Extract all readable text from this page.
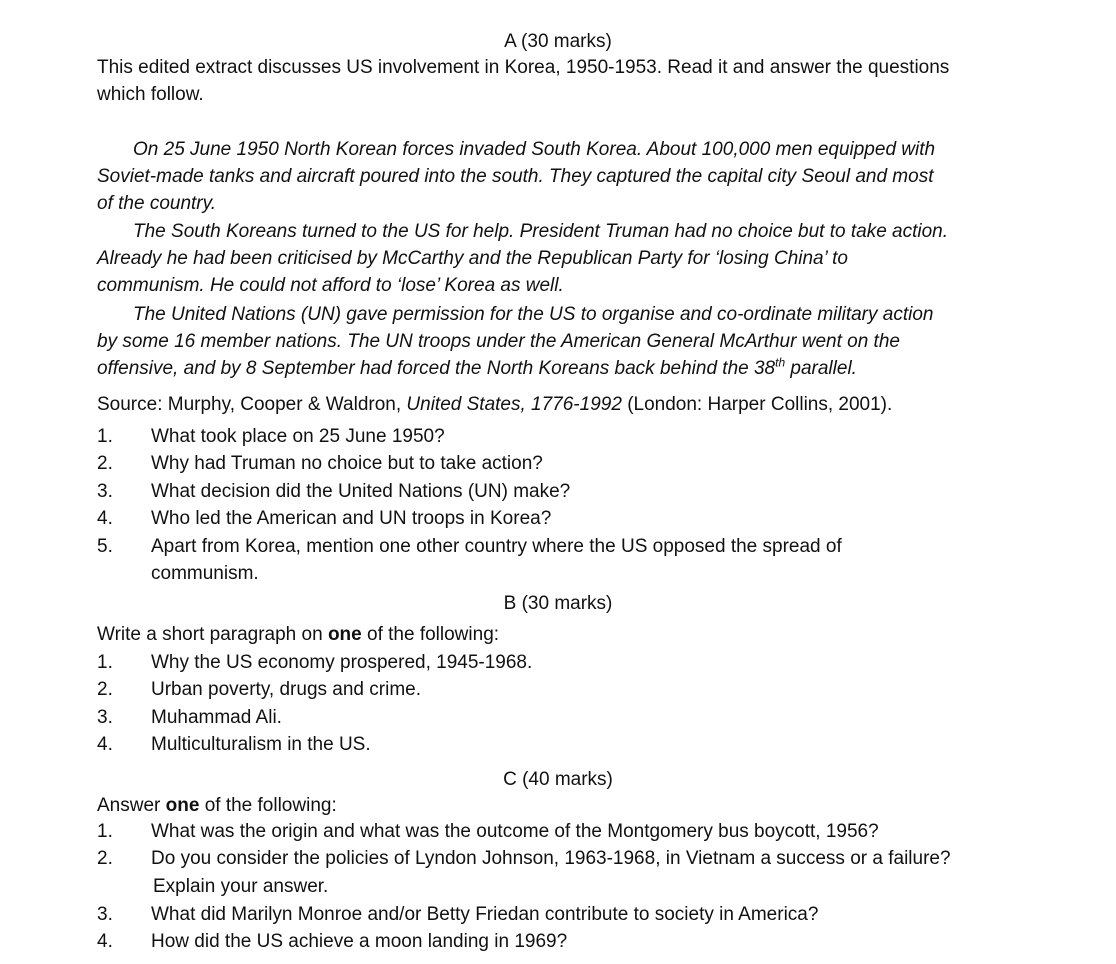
A (30 marks)
This edited extract discusses US involvement in Korea, 1950-1953. Read it and answer the questions
which follow.
On 25 June 1950 North Korean forces invaded South Korea. About 100,000 men equipped with
Soviet-made tanks and aircraft poured into the south. They captured the capital city Seoul and most
of the country.
The South Koreans turned to the US for help. President Truman had no choice but to take action.
Already he had been criticised by McCarthy and the Republican Party for ‘losing China’ to
communism. He could not afford to ‘lose’ Korea as well.
The United Nations (UN) gave permission for the US to organise and co-ordinate military action
by some 16 member nations. The UN troops under the American General McArthur went on the
offensive, and by 8 September had forced the North Koreans back behind the 38th parallel.
Source: Murphy, Cooper & Waldron, United States, 1776-1992 (London: Harper Collins, 2001).
1. What took place on 25 June 1950?
2. Why had Truman no choice but to take action?
3. What decision did the United Nations (UN) make?
4. Who led the American and UN troops in Korea?
5. Apart from Korea, mention one other country where the US opposed the spread of
communism.
B (30 marks)
Write a short paragraph on one of the following:
1. Why the US economy prospered, 1945-1968.
2. Urban poverty, drugs and crime.
3. Muhammad Ali.
4. Multiculturalism in the US.
C (40 marks)
Answer one of the following:
1. What was the origin and what was the outcome of the Montgomery bus boycott, 1956?
2. Do you consider the policies of Lyndon Johnson, 1963-1968, in Vietnam a success or a failure?
Explain your answer.
3. What did Marilyn Monroe and/or Betty Friedan contribute to society in America?
4. How did the US achieve a moon landing in 1969?
